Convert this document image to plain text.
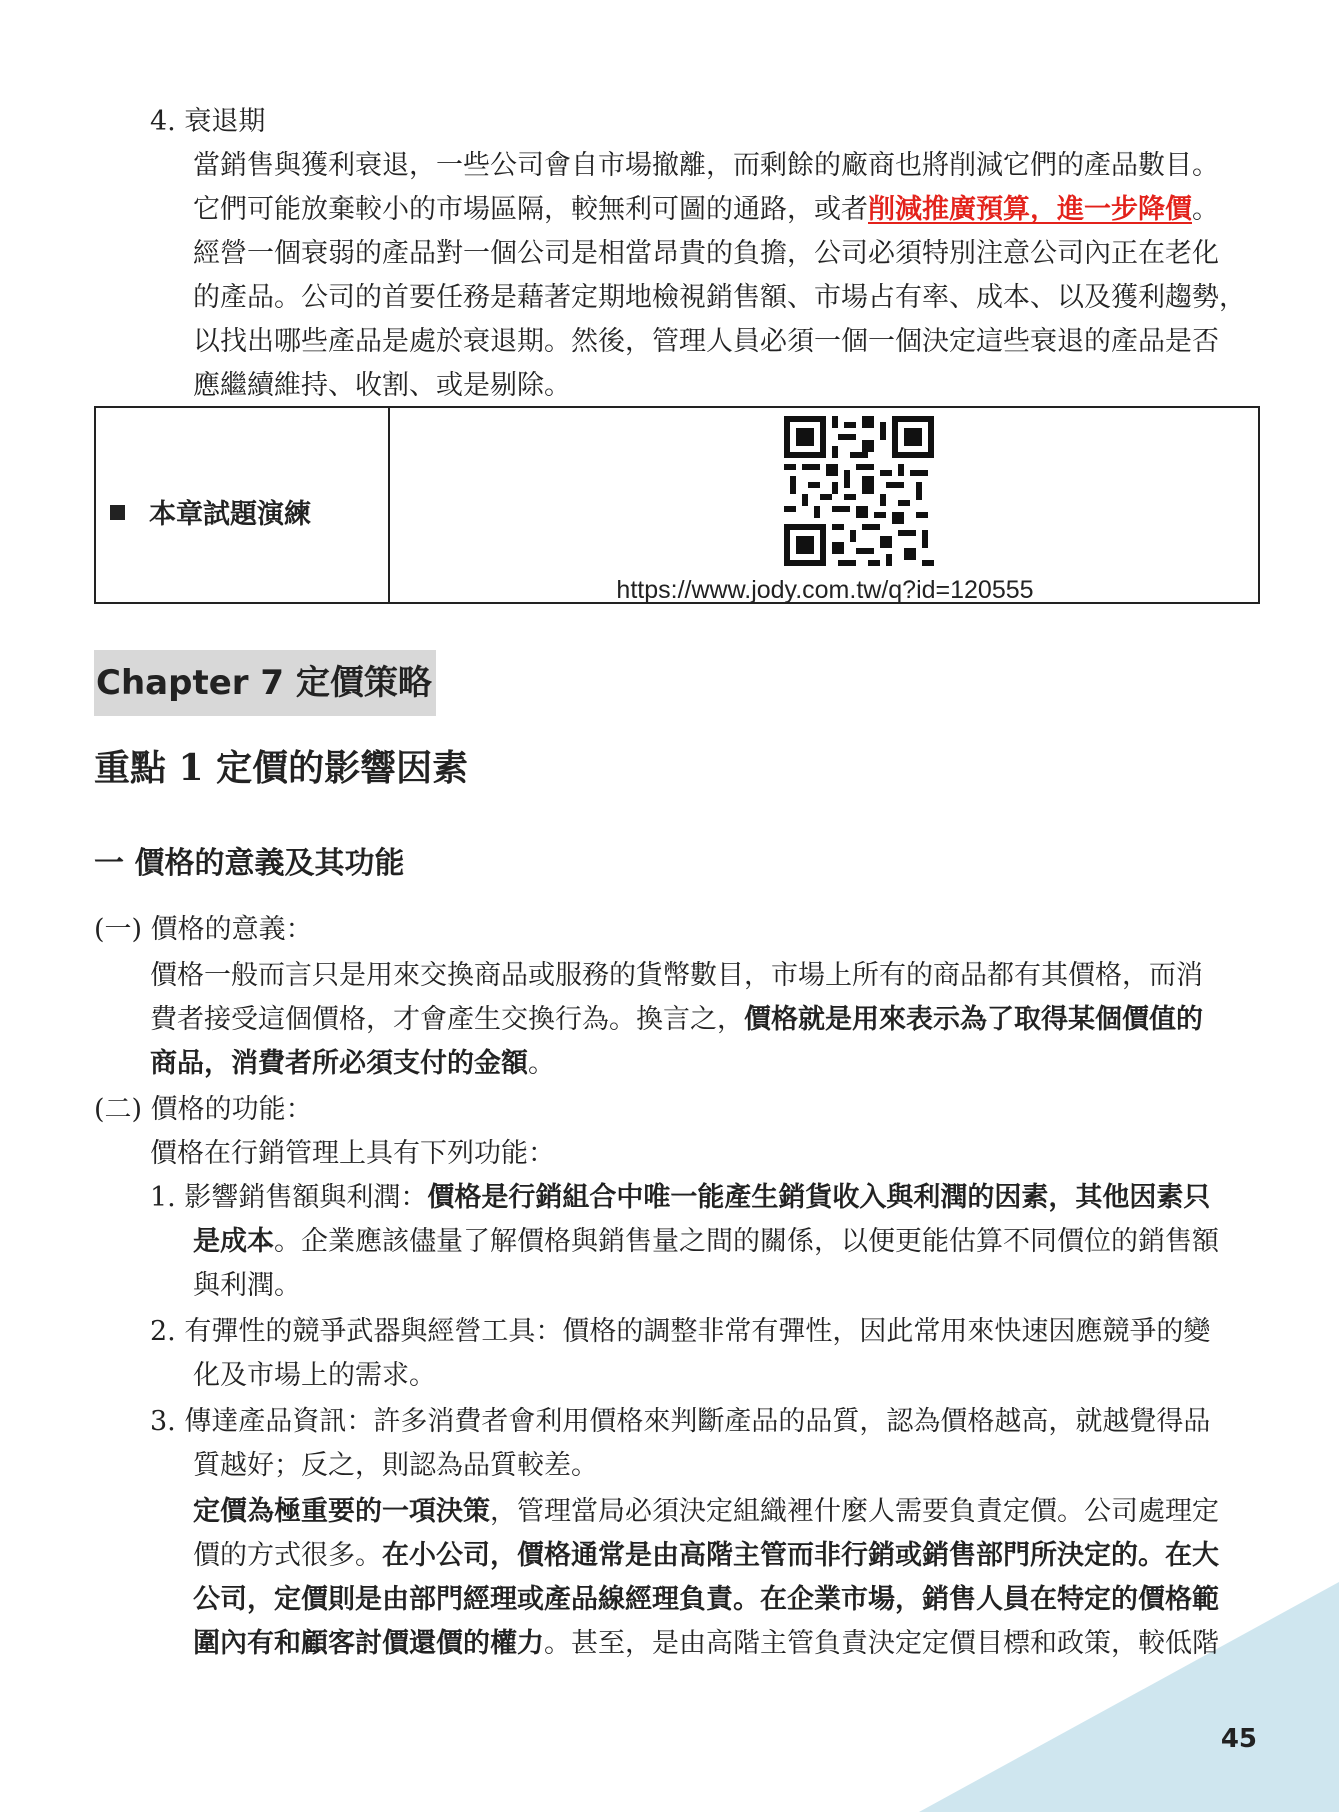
4. 衰退期
當銷售與獲利衰退，一些公司會自市場撤離，而剩餘的廠商也將削減它們的產品數目。
它們可能放棄較小的市場區隔，較無利可圖的通路，或者削減推廣預算，進一步降價。
經營一個衰弱的產品對一個公司是相當昂貴的負擔，公司必須特別注意公司內正在老化
的產品。公司的首要任務是藉著定期地檢視銷售額、市場占有率、成本、以及獲利趨勢，
以找出哪些產品是處於衰退期。然後，管理人員必須一個一個決定這些衰退的產品是否
應繼續維持、收割、或是剔除。
本章試題演練
https://www.jody.com.tw/q?id=120555
Chapter 7 定價策略
重點 1 定價的影響因素
一 價格的意義及其功能
(一) 價格的意義：
價格一般而言只是用來交換商品或服務的貨幣數目，市場上所有的商品都有其價格，而消
費者接受這個價格，才會產生交換行為。換言之，價格就是用來表示為了取得某個價值的
商品，消費者所必須支付的金額。
(二) 價格的功能：
價格在行銷管理上具有下列功能：
1. 影響銷售額與利潤：價格是行銷組合中唯一能產生銷貨收入與利潤的因素，其他因素只
是成本。企業應該儘量了解價格與銷售量之間的關係，以便更能估算不同價位的銷售額
與利潤。
2. 有彈性的競爭武器與經營工具：價格的調整非常有彈性，因此常用來快速因應競爭的變
化及市場上的需求。
3. 傳達產品資訊：許多消費者會利用價格來判斷產品的品質，認為價格越高，就越覺得品
質越好；反之，則認為品質較差。
定價為極重要的一項決策，管理當局必須決定組織裡什麼人需要負責定價。公司處理定
價的方式很多。在小公司，價格通常是由高階主管而非行銷或銷售部門所決定的。在大
公司，定價則是由部門經理或產品線經理負責。在企業市場，銷售人員在特定的價格範
圍內有和顧客討價還價的權力。甚至，是由高階主管負責決定定價目標和政策，較低階
45
